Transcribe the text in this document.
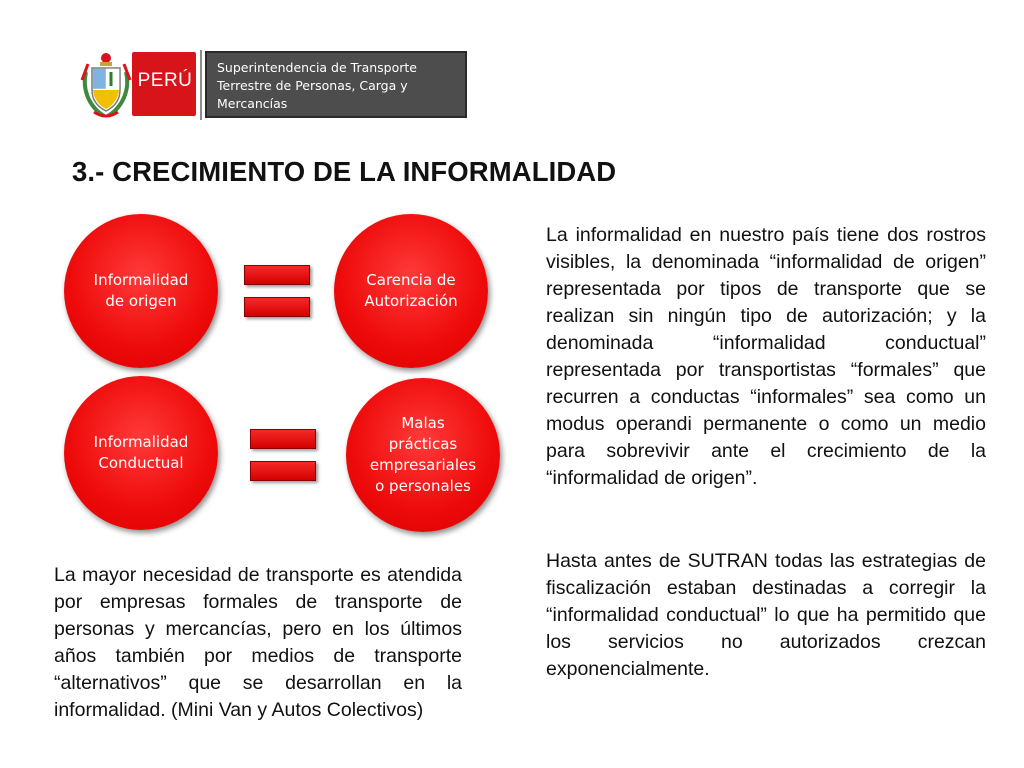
PERÚ
Superintendencia de Transporte
Terrestre de Personas, Carga y
Mercancías
3.- CRECIMIENTO DE LA INFORMALIDAD
Informalidad
de origen
Carencia de
Autorización
Informalidad
Conductual
Malas
prácticas
empresariales
o personales

La informalidad en nuestro país tiene dos rostros visibles, la denominada “informalidad de origen” representada por tipos de transporte que se realizan sin ningún tipo de autorización; y la denominada “informalidad conductual” representada por transportistas “formales” que recurren a conductas “informales” sea como un modus operandi permanente o como un medio para sobrevivir ante el crecimiento de la “informalidad de origen”.

Hasta antes de SUTRAN todas las estrategias de fiscalización estaban destinadas a corregir la “informalidad conductual” lo que ha permitido que los servicios no autorizados crezcan exponencialmente.

La mayor necesidad de transporte es atendida por empresas formales de transporte de personas y mercancías, pero en los últimos años también por medios de transporte “alternativos” que se desarrollan en la informalidad. (Mini Van y Autos Colectivos)
